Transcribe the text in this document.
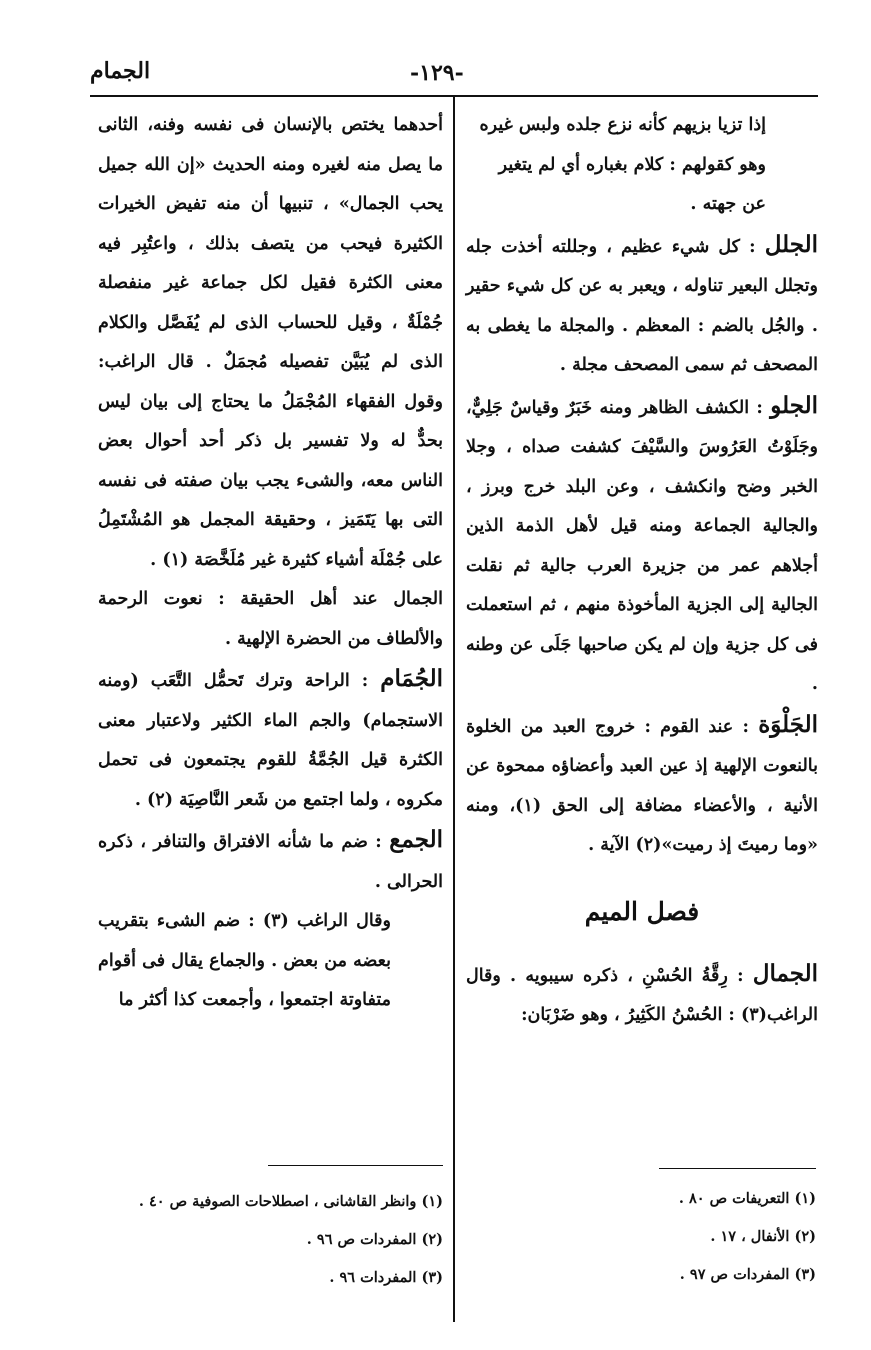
الجمام	-١٢٩-

إذا تزيا بزيهم كأنه نزع جلده ولبس غيره

وهو كقولهم : كلام بغباره أي لم يتغير

عن جهته .

الجلل : كل شيء عظيم ، وجللته أخذت جله وتجلل البعير تناوله ، ويعبر به عن كل شيء حقير . والجُل بالضم : المعظم . والمجلة ما يغطى به المصحف ثم سمى المصحف مجلة .

الجلو : الكشف الظاهر ومنه خَبَرٌ وقياسٌ جَلِيٌّ، وجَلَوْتُ العَرُوسَ والسَّيْفَ كشفت صداه ، وجلا الخبر وضح وانكشف ، وعن البلد خرج وبرز ، والجالية الجماعة ومنه قيل لأهل الذمة الذين أجلاهم عمر من جزيرة العرب جالية ثم نقلت الجالية إلى الجزية المأخوذة منهم ، ثم استعملت فى كل جزية وإن لم يكن صاحبها جَلَى عن وطنه .

الجَلْوَة : عند القوم : خروج العبد من الخلوة بالنعوت الإلهية إذ عين العبد وأعضاؤه ممحوة عن الأنية ، والأعضاء مضافة إلى الحق (١)، ومنه «وما رميتَ إذ رميت»(٢) الآية .

فصل الميم

الجمال : رِقَّةُ الحُسْنِ ، ذكره سيبويه . وقال الراغب(٣) : الحُسْنُ الكَثِيرُ ، وهو ضَرْبَان:

أحدهما يختص بالإنسان فى نفسه وفنه، الثانى ما يصل منه لغيره ومنه الحديث «إن الله جميل يحب الجمال» ، تنبيها أن منه تفيض الخيرات الكثيرة فيحب من يتصف بذلك ، واعتُبِر فيه معنى الكثرة فقيل لكل جماعة غير منفصلة جُمْلَةٌ ، وقيل للحساب الذى لم يُفَصَّل والكلام الذى لم يُبَيَّن تفصيله مُجمَلٌ . قال الراغب: وقول الفقهاء المُجْمَلُ ما يحتاج إلى بيان ليس بحدٌّ له ولا تفسير بل ذكر أحد أحوال بعض الناس معه، والشىء يجب بيان صفته فى نفسه التى بها يَتَمَيز ، وحقيقة المجمل هو المُشْتَمِلُ على جُمْلَة أشياء كثيرة غير مُلَخَّصَة (١) .

الجمال عند أهل الحقيقة : نعوت الرحمة والألطاف من الحضرة الإلهية .

الجُمَام : الراحة وترك تَحمُّل التَّعَب (ومنه الاستجمام) والجم الماء الكثير ولاعتبار معنى الكثرة قيل الجُمَّةُ للقوم يجتمعون فى تحمل مكروه ، ولما اجتمع من شَعر النَّاصِيَة (٢) .

الجمع : ضم ما شأنه الافتراق والتنافر ، ذكره الحرالى .

وقال الراغب (٣) : ضم الشىء بتقريب بعضه من بعض . والجماع يقال فى أقوام متفاوتة اجتمعوا ، وأجمعت كذا أكثر ما

(١) التعريفات ص ٨٠ .
(٢) الأنفال ، ١٧ .
(٣) المفردات ص ٩٧ .
(١) وانظر القاشانى ، اصطلاحات الصوفية ص ٤٠ .
(٢) المفردات ص ٩٦ .
(٣) المفردات ٩٦ .
